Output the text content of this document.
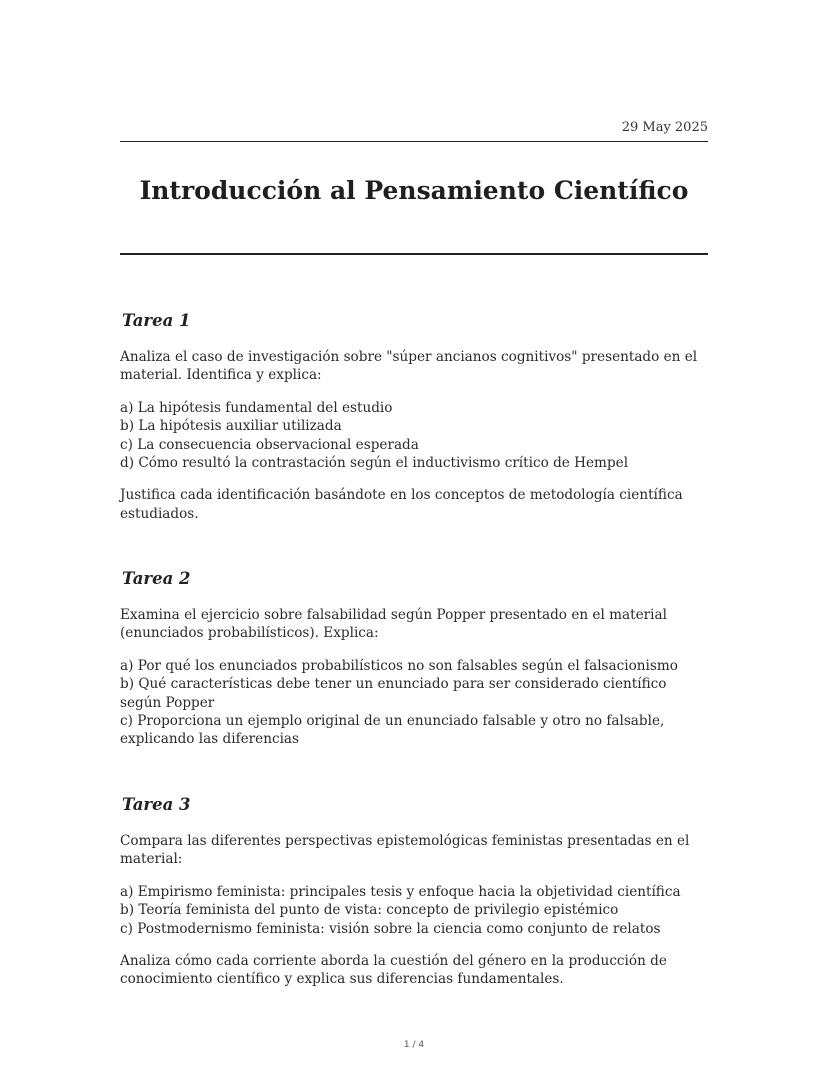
29 May 2025
Introducción al Pensamiento Científico
Tarea 1

Analiza el caso de investigación sobre "súper ancianos cognitivos" presentado en el material. Identifica y explica:

a) La hipótesis fundamental del estudio
b) La hipótesis auxiliar utilizada
c) La consecuencia observacional esperada
d) Cómo resultó la contrastación según el inductivismo crítico de Hempel

Justifica cada identificación basándote en los conceptos de metodología científica estudiados.

Tarea 2

Examina el ejercicio sobre falsabilidad según Popper presentado en el material (enunciados probabilísticos). Explica:

a) Por qué los enunciados probabilísticos no son falsables según el falsacionismo
b) Qué características debe tener un enunciado para ser considerado científico según Popper
c) Proporciona un ejemplo original de un enunciado falsable y otro no falsable, explicando las diferencias
Tarea 3

Compara las diferentes perspectivas epistemológicas feministas presentadas en el material:

a) Empirismo feminista: principales tesis y enfoque hacia la objetividad científica
b) Teoría feminista del punto de vista: concepto de privilegio epistémico
c) Postmodernismo feminista: visión sobre la ciencia como conjunto de relatos

Analiza cómo cada corriente aborda la cuestión del género en la producción de conocimiento científico y explica sus diferencias fundamentales.

1 / 4
